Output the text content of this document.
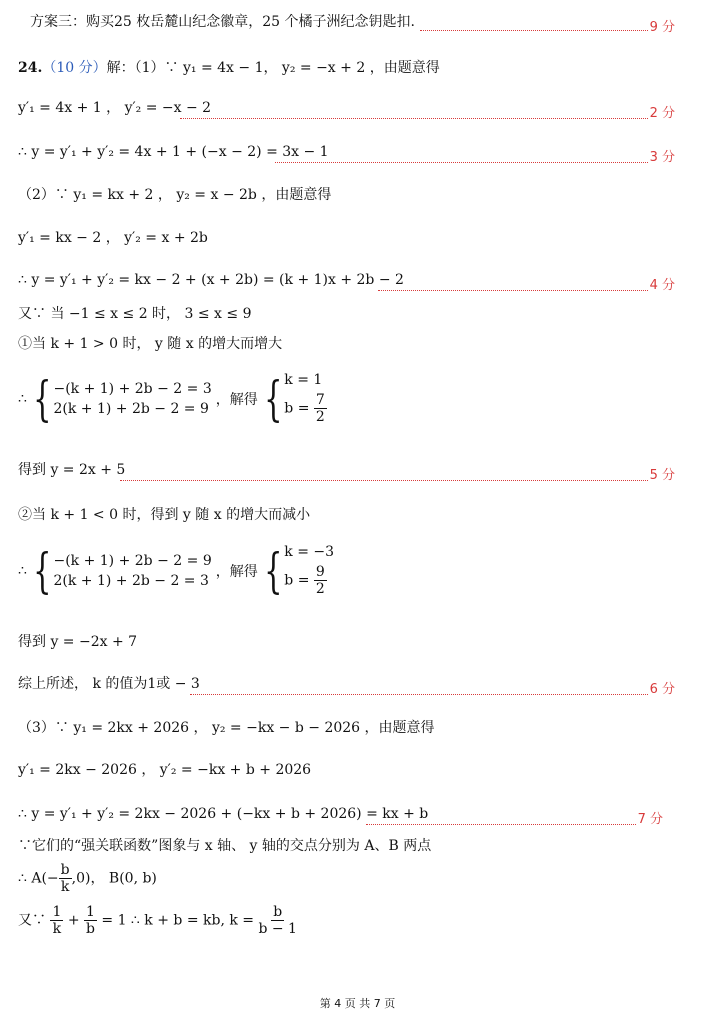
方案三：购买25 枚岳麓山纪念徽章，25 个橘子洲纪念钥匙扣.	9 分
24.（10 分）解：（1）∵ y₁ = 4x − 1， y₂ = −x + 2 ，由题意得
y′₁ = 4x + 1 ， y′₂ = −x − 2	2 分
∴ y = y′₁ + y′₂ = 4x + 1 + (−x − 2) = 3x − 1	3 分
（2）∵ y₁ = kx + 2 ， y₂ = x − 2b ，由题意得
y′₁ = kx − 2 ， y′₂ = x + 2b
∴ y = y′₁ + y′₂ = kx − 2 + (x + 2b) = (k + 1)x + 2b − 2	4 分
又∵ 当 −1 ≤ x ≤ 2 时， 3 ≤ x ≤ 9
①当 k + 1 > 0 时， y 随 x 的增大而增大
∴ { −(k + 1) + 2b − 2 = 3
2(k + 1) + 2b − 2 = 9
，解得 { k = 1
$b = \frac{7}{2}$
得到 y = 2x + 5	5 分
②当 k + 1 < 0 时，得到 y 随 x 的增大而减小
∴ { −(k + 1) + 2b − 2 = 9
2(k + 1) + 2b − 2 = 3
，解得 { k = −3
$b = \frac{9}{2}$
得到 y = −2x + 7
综上所述， k 的值为1或 − 3	6 分
（3）∵ y₁ = 2kx + 2026 ， y₂ = −kx − b − 2026 ，由题意得
y′₁ = 2kx − 2026 ， y′₂ = −kx + b + 2026
∴ y = y′₁ + y′₂ = 2kx − 2026 + (−kx + b + 2026) = kx + b	7 分
∵它们的“强关联函数”图象与 x 轴、 y 轴的交点分别为 A、B 两点
∴ $A(- \frac{b}{k} ,0)$， B(0, b)
又∵ $\frac{1}{k} + \frac{1}{b} = 1$ ∴ k + b = kb, $k = \frac{b}{b - 1}$
第 4 页 共 7 页
